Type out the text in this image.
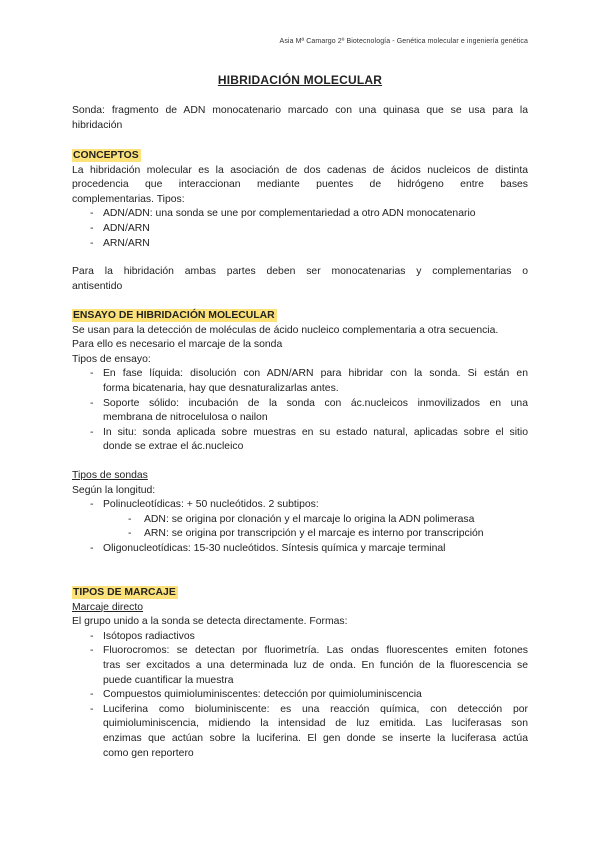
Asia Mª Camargo 2º Biotecnología - Genética molecular e ingeniería genética
HIBRIDACIÓN MOLECULAR
Sonda: fragmento de ADN monocatenario marcado con una quinasa que se usa para la
hibridación
CONCEPTOS
La hibridación molecular es la asociación de dos cadenas de ácidos nucleicos de distinta
procedencia que interaccionan mediante puentes de hidrógeno entre bases
complementarias. Tipos:
- ADN/ADN: una sonda se une por complementariedad a otro ADN monocatenario
- ADN/ARN
- ARN/ARN
Para la hibridación ambas partes deben ser monocatenarias y complementarias o
antisentido
ENSAYO DE HIBRIDACIÓN MOLECULAR
Se usan para la detección de moléculas de ácido nucleico complementaria a otra secuencia.
Para ello es necesario el marcaje de la sonda
Tipos de ensayo:
- En fase líquida: disolución con ADN/ARN para hibridar con la sonda. Si están en
forma bicatenaria, hay que desnaturalizarlas antes.
- Soporte sólido: incubación de la sonda con ác.nucleicos inmovilizados en una
membrana de nitrocelulosa o nailon
- In situ: sonda aplicada sobre muestras en su estado natural, aplicadas sobre el sitio
donde se extrae el ác.nucleico
Tipos de sondas
Según la longitud:
- Polinucleotídicas: + 50 nucleótidos. 2 subtipos:
- ADN: se origina por clonación y el marcaje lo origina la ADN polimerasa
- ARN: se origina por transcripción y el marcaje es interno por transcripción
- Oligonucleotídicas: 15-30 nucleótidos. Síntesis química y marcaje terminal
TIPOS DE MARCAJE
Marcaje directo
El grupo unido a la sonda se detecta directamente. Formas:
- Isótopos radiactivos
- Fluorocromos: se detectan por fluorimetría. Las ondas fluorescentes emiten fotones
tras ser excitados a una determinada luz de onda. En función de la fluorescencia se
puede cuantificar la muestra
- Compuestos quimioluminiscentes: detección por quimioluminiscencia
- Luciferina como bioluminiscente: es una reacción química, con detección por
quimioluminiscencia, midiendo la intensidad de luz emitida. Las luciferasas son
enzimas que actúan sobre la luciferina. El gen donde se inserte la luciferasa actúa
como gen reportero
